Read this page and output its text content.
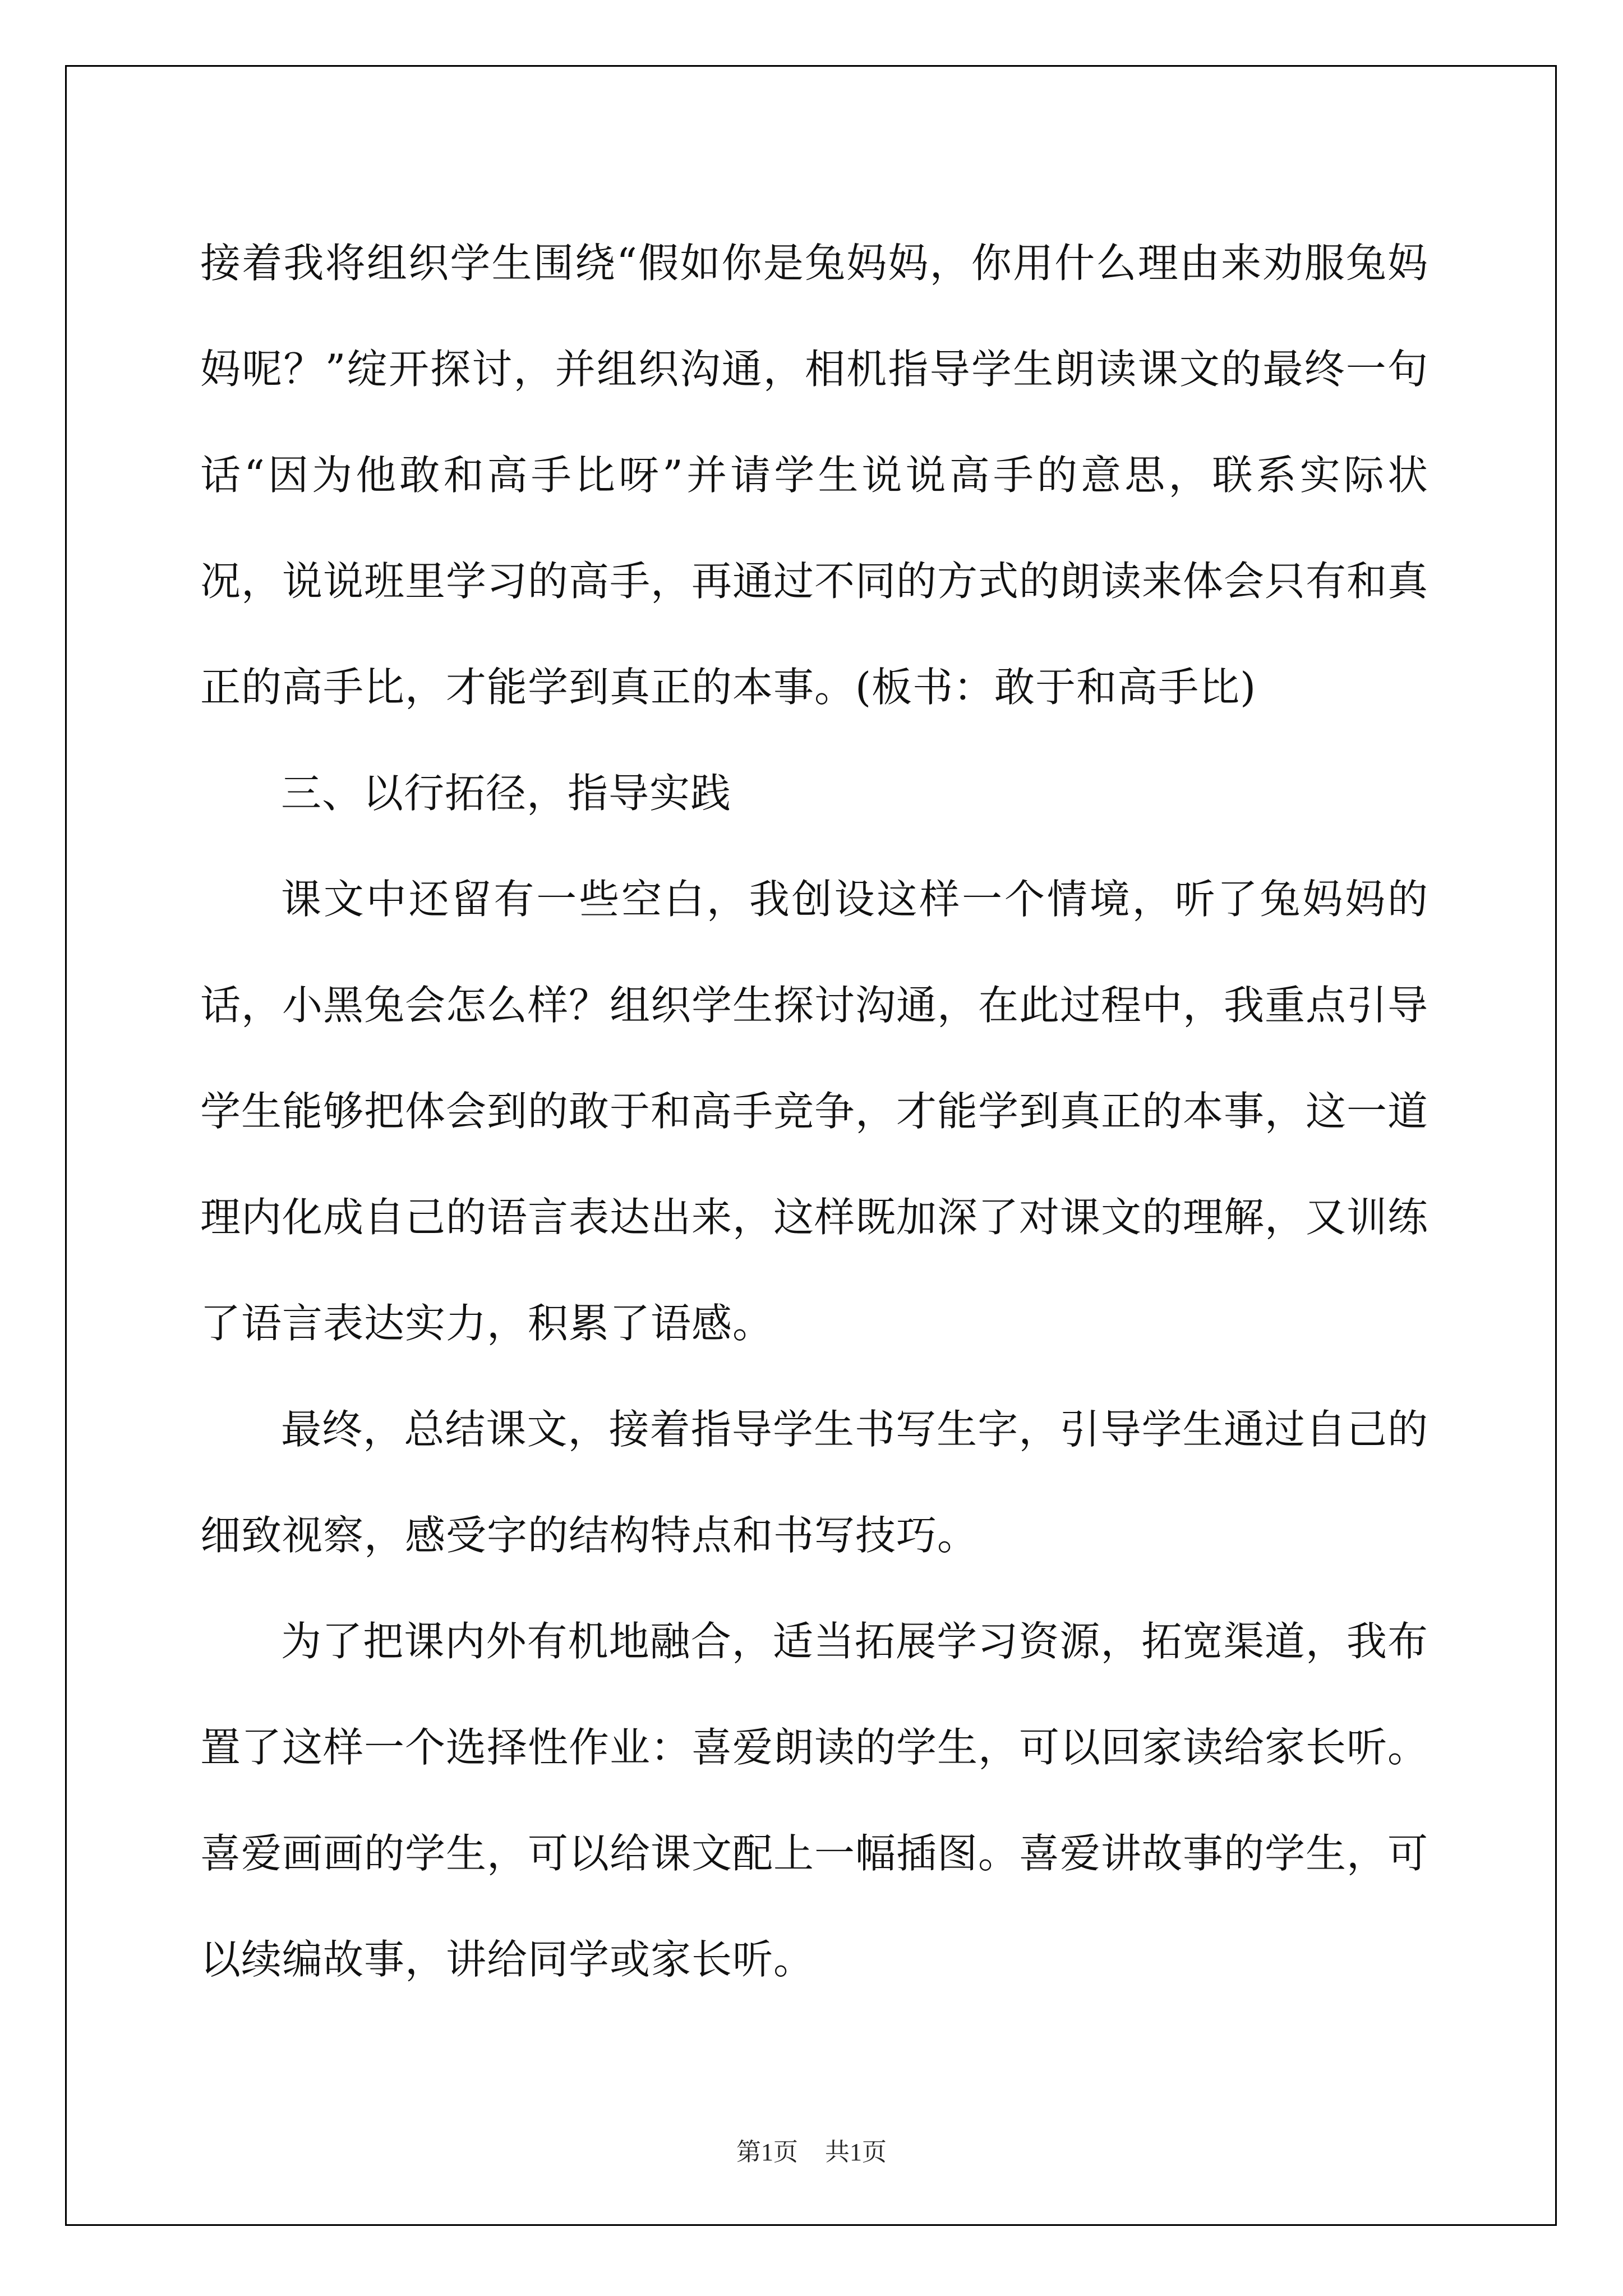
接着我将组织学生围绕“假如你是兔妈妈，你用什么理由来劝服兔妈妈呢？”绽开探讨，并组织沟通，相机指导学生朗读课文的最终一句话“因为他敢和高手比呀”并请学生说说高手的意思，联系实际状况，说说班里学习的高手，再通过不同的方式的朗读来体会只有和真正的高手比，才能学到真正的本事。(板书：敢于和高手比)

三、以行拓径，指导实践

课文中还留有一些空白，我创设这样一个情境，听了兔妈妈的话，小黑兔会怎么样？组织学生探讨沟通，在此过程中，我重点引导学生能够把体会到的敢于和高手竞争，才能学到真正的本事，这一道理内化成自己的语言表达出来，这样既加深了对课文的理解，又训练了语言表达实力，积累了语感。

最终，总结课文，接着指导学生书写生字，引导学生通过自己的细致视察，感受字的结构特点和书写技巧。

为了把课内外有机地融合，适当拓展学习资源，拓宽渠道，我布置了这样一个选择性作业：喜爱朗读的学生，可以回家读给家长听。喜爱画画的学生，可以给课文配上一幅插图。喜爱讲故事的学生，可以续编故事，讲给同学或家长听。

第1页 共1页
